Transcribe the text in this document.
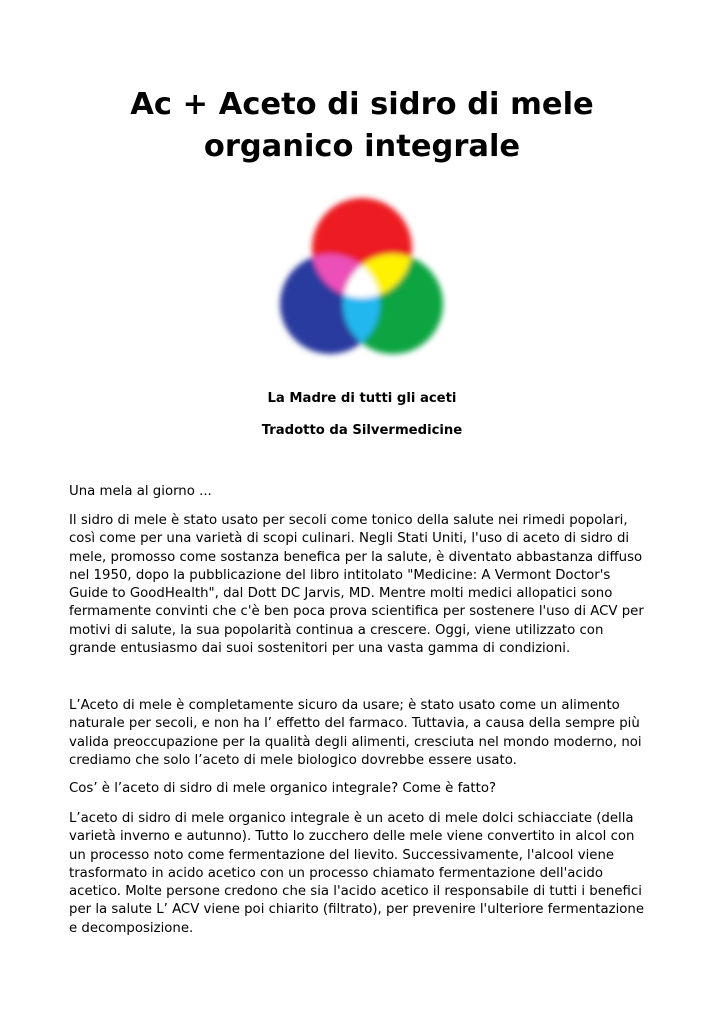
Ac + Aceto di sidro di mele
organico integrale

La Madre di tutti gli aceti

Tradotto da Silvermedicine

Una mela al giorno ...

Il sidro di mele è stato usato per secoli come tonico della salute nei rimedi popolari,
così come per una varietà di scopi culinari. Negli Stati Uniti, l'uso di aceto di sidro di
mele, promosso come sostanza benefica per la salute, è diventato abbastanza diffuso
nel 1950, dopo la pubblicazione del libro intitolato "Medicine: A Vermont Doctor's
Guide to GoodHealth", dal Dott DC Jarvis, MD. Mentre molti medici allopatici sono
fermamente convinti che c'è ben poca prova scientifica per sostenere l'uso di ACV per
motivi di salute, la sua popolarità continua a crescere. Oggi, viene utilizzato con
grande entusiasmo dai suoi sostenitori per una vasta gamma di condizioni.

L’Aceto di mele è completamente sicuro da usare; è stato usato come un alimento
naturale per secoli, e non ha l’ effetto del farmaco. Tuttavia, a causa della sempre più
valida preoccupazione per la qualità degli alimenti, cresciuta nel mondo moderno, noi
crediamo che solo l’aceto di mele biologico dovrebbe essere usato.

Cos’ è l’aceto di sidro di mele organico integrale? Come è fatto?

L’aceto di sidro di mele organico integrale è un aceto di mele dolci schiacciate (della
varietà inverno e autunno). Tutto lo zucchero delle mele viene convertito in alcol con
un processo noto come fermentazione del lievito. Successivamente, l'alcool viene
trasformato in acido acetico con un processo chiamato fermentazione dell'acido
acetico. Molte persone credono che sia l'acido acetico il responsabile di tutti i benefici
per la salute L’ ACV viene poi chiarito (filtrato), per prevenire l'ulteriore fermentazione
e decomposizione.
